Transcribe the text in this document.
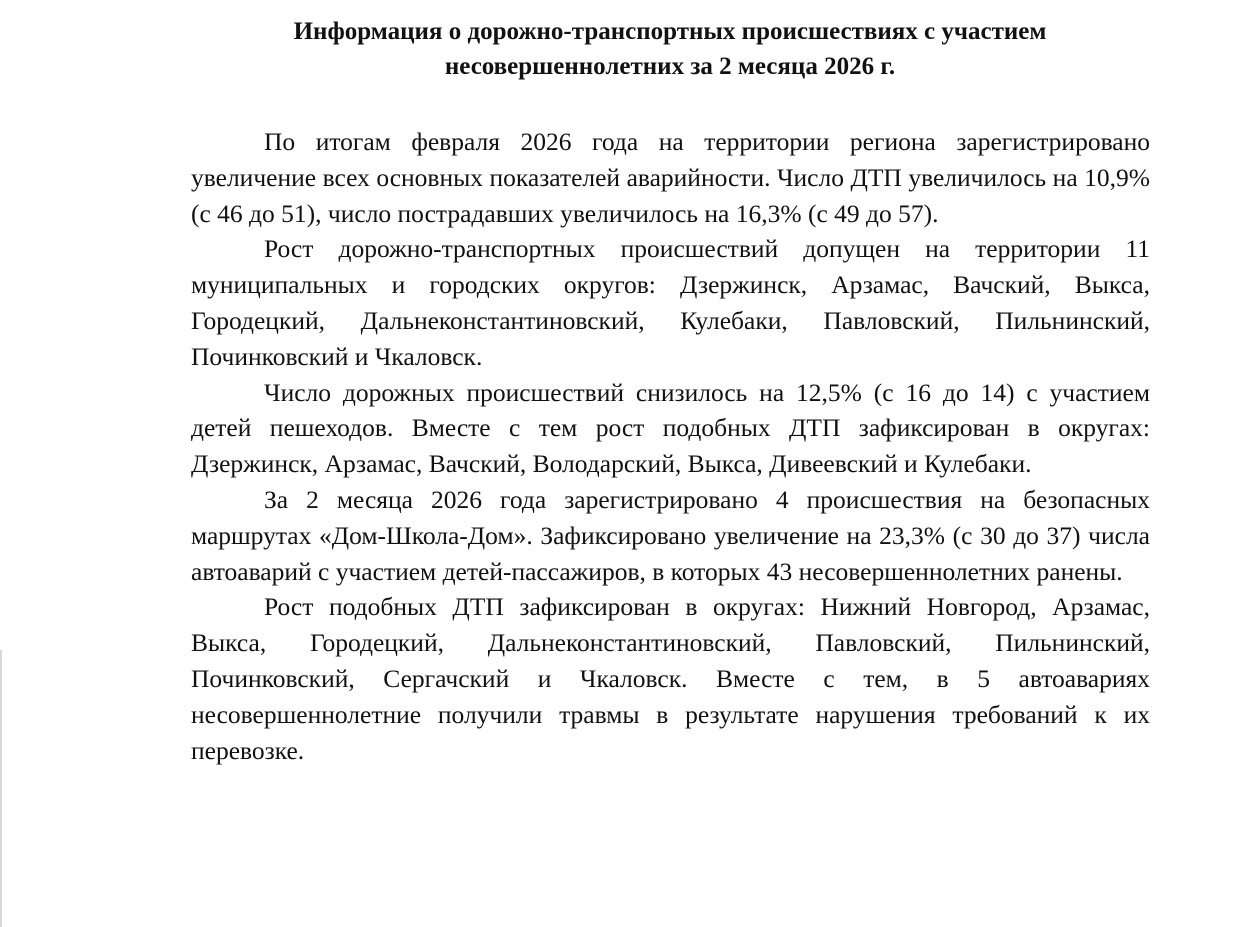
Информация о дорожно-транспортных происшествиях с участием
несовершеннолетних за 2 месяца 2026 г.

По итогам февраля 2026 года на территории региона зарегистрировано увеличение всех основных показателей аварийности. Число ДТП увеличилось на 10,9% (с 46 до 51), число пострадавших увеличилось на 16,3% (с 49 до 57).

Рост дорожно-транспортных происшествий допущен на территории 11 муниципальных и городских округов: Дзержинск, Арзамас, Вачский, Выкса, Городецкий, Дальнеконстантиновский, Кулебаки, Павловский, Пильнинский, Починковский и Чкаловск.

Число дорожных происшествий снизилось на 12,5% (с 16 до 14) с участием детей пешеходов. Вместе с тем рост подобных ДТП зафиксирован в округах: Дзержинск, Арзамас, Вачский, Володарский, Выкса, Дивеевский и Кулебаки.

За 2 месяца 2026 года зарегистрировано 4 происшествия на безопасных маршрутах «Дом-Школа-Дом». Зафиксировано увеличение на 23,3% (с 30 до 37) числа автоаварий с участием детей-пассажиров, в которых 43 несовершеннолетних ранены.

Рост подобных ДТП зафиксирован в округах: Нижний Новгород, Арзамас, Выкса, Городецкий, Дальнеконстантиновский, Павловский, Пильнинский, Починковский, Сергачский и Чкаловск. Вместе с тем, в 5 автоавариях несовершеннолетние получили травмы в результате нарушения требований к их перевозке.
